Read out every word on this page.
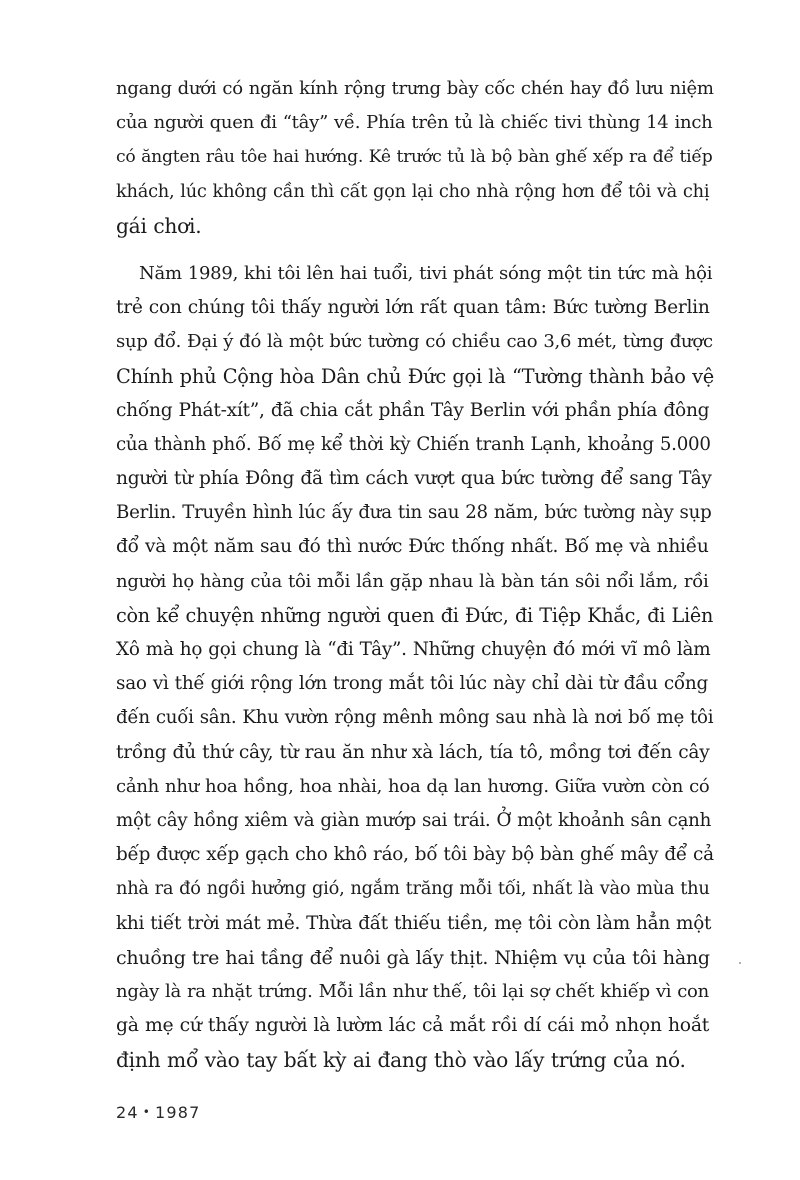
ngang dưới có ngăn kính rộng trưng bày cốc chén hay đồ lưu niệm
của người quen đi “tây” về. Phía trên tủ là chiếc tivi thùng 14 inch
có ăngten râu tôe hai hướng. Kê trước tủ là bộ bàn ghế xếp ra để tiếp
khách, lúc không cần thì cất gọn lại cho nhà rộng hơn để tôi và chị
gái chơi.
Năm 1989, khi tôi lên hai tuổi, tivi phát sóng một tin tức mà hội
trẻ con chúng tôi thấy người lớn rất quan tâm: Bức tường Berlin
sụp đổ. Đại ý đó là một bức tường có chiều cao 3,6 mét, từng được
Chính phủ Cộng hòa Dân chủ Đức gọi là “Tường thành bảo vệ
chống Phát-xít”, đã chia cắt phần Tây Berlin với phần phía đông
của thành phố. Bố mẹ kể thời kỳ Chiến tranh Lạnh, khoảng 5.000
người từ phía Đông đã tìm cách vượt qua bức tường để sang Tây
Berlin. Truyền hình lúc ấy đưa tin sau 28 năm, bức tường này sụp
đổ và một năm sau đó thì nước Đức thống nhất. Bố mẹ và nhiều
người họ hàng của tôi mỗi lần gặp nhau là bàn tán sôi nổi lắm, rồi
còn kể chuyện những người quen đi Đức, đi Tiệp Khắc, đi Liên
Xô mà họ gọi chung là “đi Tây”. Những chuyện đó mới vĩ mô làm
sao vì thế giới rộng lớn trong mắt tôi lúc này chỉ dài từ đầu cổng
đến cuối sân. Khu vườn rộng mênh mông sau nhà là nơi bố mẹ tôi
trồng đủ thứ cây, từ rau ăn như xà lách, tía tô, mồng tơi đến cây
cảnh như hoa hồng, hoa nhài, hoa dạ lan hương. Giữa vườn còn có
một cây hồng xiêm và giàn mướp sai trái. Ở một khoảnh sân cạnh
bếp được xếp gạch cho khô ráo, bố tôi bày bộ bàn ghế mây để cả
nhà ra đó ngồi hưởng gió, ngắm trăng mỗi tối, nhất là vào mùa thu
khi tiết trời mát mẻ. Thừa đất thiếu tiền, mẹ tôi còn làm hẳn một
chuồng tre hai tầng để nuôi gà lấy thịt. Nhiệm vụ của tôi hàng
ngày là ra nhặt trứng. Mỗi lần như thế, tôi lại sợ chết khiếp vì con
gà mẹ cứ thấy người là lườm lác cả mắt rồi dí cái mỏ nhọn hoắt
định mổ vào tay bất kỳ ai đang thò vào lấy trứng của nó.
24 • 1987
